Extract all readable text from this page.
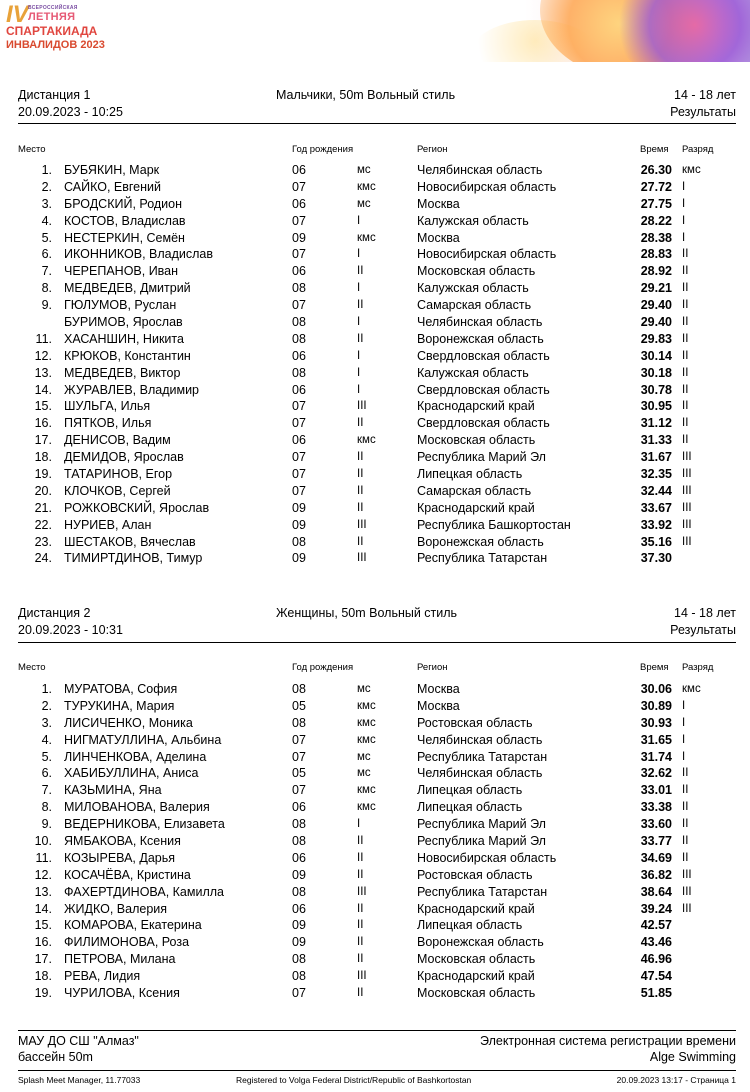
IV ВСЕРОССИЙСКАЯ
ЛЕТНЯЯ
СПАРТАКИАДА
ИНВАЛИДОВ 2023
Дистанция 1	Мальчики, 50m Вольный стиль	14 - 18 лет
20.09.2023 - 10:25	Результаты
Место	Год рождения	Регион	Время Разряд
1. БУБЯКИН, Марк	06	мс	Челябинская область	26.30 кмс
2. САЙКО, Евгений	07	кмс	Новосибирская область	27.72 I
3. БРОДСКИЙ, Родион	06	мс	Москва	27.75 I
4. КОСТОВ, Владислав	07	I	Калужская область	28.22 I
5. НЕСТЕРКИН, Семён	09	кмс	Москва	28.38 I
6. ИКОННИКОВ, Владислав	07	I	Новосибирская область	28.83 II
7. ЧЕРЕПАНОВ, Иван	06	II	Московская область	28.92 II
8. МЕДВЕДЕВ, Дмитрий	08	I	Калужская область	29.21 II
9. ГЮЛУМОВ, Руслан	07	II	Самарская область	29.40 II
БУРИМОВ, Ярослав	08	I	Челябинская область	29.40 II
11. ХАСАНШИН, Никита	08	II	Воронежская область	29.83 II
12. КРЮКОВ, Константин	06	I	Свердловская область	30.14 II
13. МЕДВЕДЕВ, Виктор	08	I	Калужская область	30.18 II
14. ЖУРАВЛЕВ, Владимир	06	I	Свердловская область	30.78 II
15. ШУЛЬГА, Илья	07	III	Краснодарский край	30.95 II
16. ПЯТКОВ, Илья	07	II	Свердловская область	31.12 II
17. ДЕНИСОВ, Вадим	06	кмс	Московская область	31.33 II
18. ДЕМИДОВ, Ярослав	07	II	Республика Марий Эл	31.67 III
19. ТАТАРИНОВ, Егор	07	II	Липецкая область	32.35 III
20. КЛОЧКОВ, Сергей	07	II	Самарская область	32.44 III
21. РОЖКОВСКИЙ, Ярослав	09	II	Краснодарский край	33.67 III
22. НУРИЕВ, Алан	09	III	Республика Башкортостан	33.92 III
23. ШЕСТАКОВ, Вячеслав	08	II	Воронежская область	35.16 III
24. ТИМИРТДИНОВ, Тимур	09	III	Республика Татарстан	37.30
Дистанция 2	Женщины, 50m Вольный стиль	14 - 18 лет
20.09.2023 - 10:31	Результаты
Место	Год рождения	Регион	Время Разряд
1. МУРАТОВА, София	08	мс	Москва	30.06 кмс
2. ТУРУКИНА, Мария	05	кмс	Москва	30.89 I
3. ЛИСИЧЕНКО, Моника	08	кмс	Ростовская область	30.93 I
4. НИГМАТУЛЛИНА, Альбина	07	кмс	Челябинская область	31.65 I
5. ЛИНЧЕНКОВА, Аделина	07	мс	Республика Татарстан	31.74 I
6. ХАБИБУЛЛИНА, Аниса	05	мс	Челябинская область	32.62 II
7. КАЗЬМИНА, Яна	07	кмс	Липецкая область	33.01 II
8. МИЛОВАНОВА, Валерия	06	кмс	Липецкая область	33.38 II
9. ВЕДЕРНИКОВА, Елизавета	08	I	Республика Марий Эл	33.60 II
10. ЯМБАКОВА, Ксения	08	II	Республика Марий Эл	33.77 II
11. КОЗЫРЕВА, Дарья	06	II	Новосибирская область	34.69 II
12. КОСАЧЁВА, Кристина	09	II	Ростовская область	36.82 III
13. ФАХЕРТДИНОВА, Камилла	08	III	Республика Татарстан	38.64 III
14. ЖИДКО, Валерия	06	II	Краснодарский край	39.24 III
15. КОМАРОВА, Екатерина	09	II	Липецкая область	42.57
16. ФИЛИМОНОВА, Роза	09	II	Воронежская область	43.46
17. ПЕТРОВА, Милана	08	II	Московская область	46.96
18. РЕВА, Лидия	08	III	Краснодарский край	47.54
19. ЧУРИЛОВА, Ксения	07	II	Московская область	51.85
МАУ ДО СШ "Алмаз"	Электронная система регистрации времени
бассейн 50m	Alge Swimming
Splash Meet Manager, 11.77033	Registered to Volga Federal District/Republic of Bashkortostan	20.09.2023 13:17 - Страница 1
